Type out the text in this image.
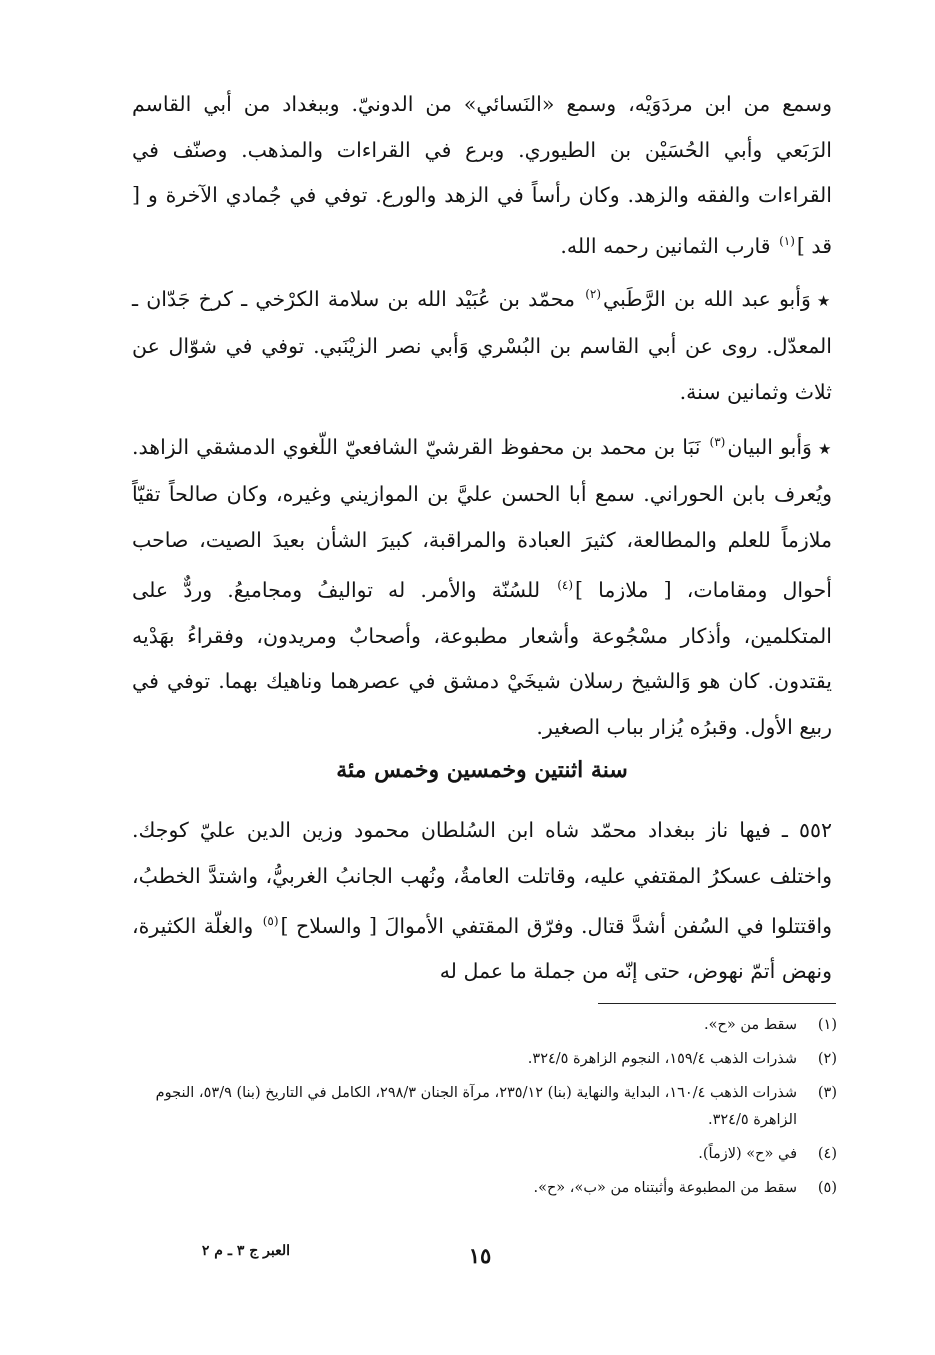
وسمع من ابن مردَوَيْه، وسمع «النَسائي» من الدونيّ. وببغداد من أبي القاسم الرَبَعي وأبي الحُسَيْن بن الطيوري. وبرع في القراءات والمذهب. وصنّف في القراءات والفقه والزهد. وكان رأساً في الزهد والورع. توفي في جُمادي الآخرة و [ قد ]$^{(١)}$ قارب الثمانين رحمه الله.

★وَأبو عبد الله بن الرَّطَبي$^{(٢)}$ محمّد بن عُبَيْد الله بن سلامة الكرْخي ـ كرخ جَدّان ـ المعدّل. روى عن أبي القاسم بن البُسْري وَأبي نصر الزيْنَبي. توفي في شوّال عن ثلاث وثمانين سنة.

★وَأبو البيان$^{(٣)}$ نَبَا بن محمد بن محفوظ القرشيّ الشافعيّ اللّغوي الدمشقي الزاهد. ويُعرف بابن الحوراني. سمع أبا الحسن عليَّ بن الموازيني وغيره، وكان صالحاً تقيّاً ملازماً للعلم والمطالعة، كثيرَ العبادة والمراقبة، كبيرَ الشأن بعيدَ الصيت، صاحب أحوال ومقامات، [ ملازما ]$^{(٤)}$ للسُنّة والأمر. له تواليفُ ومجاميعُ. وردٌّ على المتكلمين، وأذكار مسْجُوعة وأشعار مطبوعة، وأصحابٌ ومريدون، وفقراءُ بهَدْيه يقتدون. كان هو وَالشيخ رسلان شيخَيْ دمشق في عصرهما وناهيك بهما. توفي في ربيع الأول. وقبرُه يُزار بباب الصغير.

سنة اثنتين وخمسين وخمس مئة

٥٥٢ ـ فيها ناز ببغداد محمّد شاه ابن السُلطان محمود وزين الدين عليّ كوجك. واختلف عسكرُ المقتفي عليه، وقاتلت العامةُ، ونُهب الجانبُ الغربيُّ، واشتدَّ الخطبُ، واقتتلوا في السُفن أشدَّ قتال. وفرّق المقتفي الأموالَ [ والسلاح ]$^{(٥)}$ والغلّة الكثيرة، ونهض أتمّ نهوض، حتى إنّه من جملة ما عمل له

(١)
سقط من «ح».
(٢)
شذرات الذهب ١٥٩/٤، النجوم الزاهرة ٣٢٤/٥.
(٣)
شذرات الذهب ١٦٠/٤، البداية والنهاية (بنا) ٢٣٥/١٢، مرآة الجنان ٢٩٨/٣، الكامل في التاريخ (بنا) ٥٣/٩، النجوم الزاهرة ٣٢٤/٥.
(٤)
في «ح» (لازماً).
(٥)
سقط من المطبوعة وأثبتناه من «ب»، «ح».
١٥
العبر ج ٣ ـ م ٢
